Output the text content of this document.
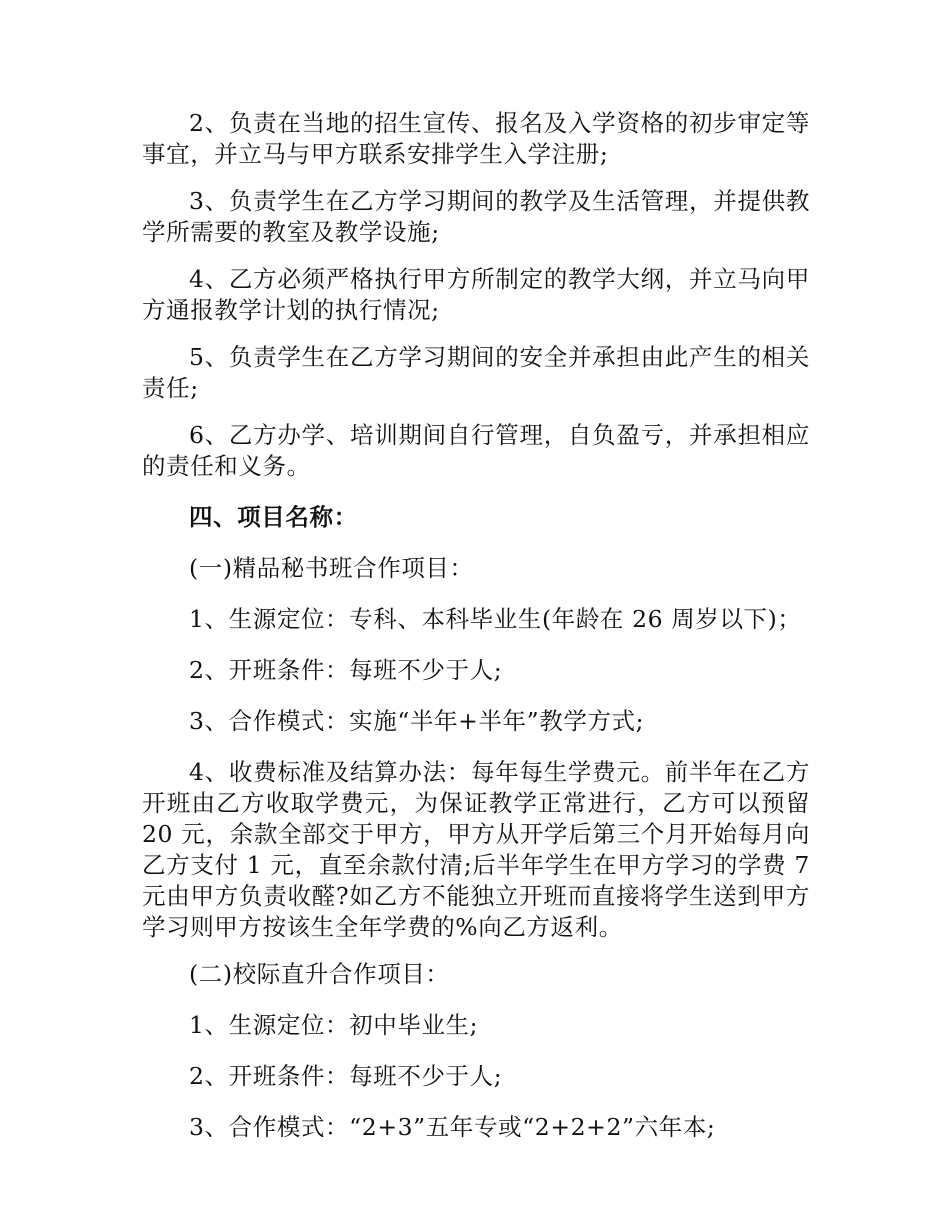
2、负责在当地的招生宣传、报名及入学资格的初步审定等事宜，并立马与甲方联系安排学生入学注册;

3、负责学生在乙方学习期间的教学及生活管理，并提供教学所需要的教室及教学设施;

4、乙方必须严格执行甲方所制定的教学大纲，并立马向甲方通报教学计划的执行情况;

5、负责学生在乙方学习期间的安全并承担由此产生的相关责任;

6、乙方办学、培训期间自行管理，自负盈亏，并承担相应的责任和义务。

四、项目名称：

(一)精品秘书班合作项目：

1、生源定位：专科、本科毕业生(年龄在 26 周岁以下)；

2、开班条件：每班不少于人;

3、合作模式：实施“半年+半年”教学方式;

4、收费标准及结算办法：每年每生学费元。前半年在乙方开班由乙方收取学费元，为保证教学正常进行，乙方可以预留 20 元，余款全部交于甲方，甲方从开学后第三个月开始每月向乙方支付 1 元，直至余款付清;后半年学生在甲方学习的学费 7 元由甲方负责收醛?如乙方不能独立开班而直接将学生送到甲方学习则甲方按该生全年学费的%向乙方返利。

(二)校际直升合作项目：

1、生源定位：初中毕业生;

2、开班条件：每班不少于人;

3、合作模式：“2+3”五年专或“2+2+2”六年本;
